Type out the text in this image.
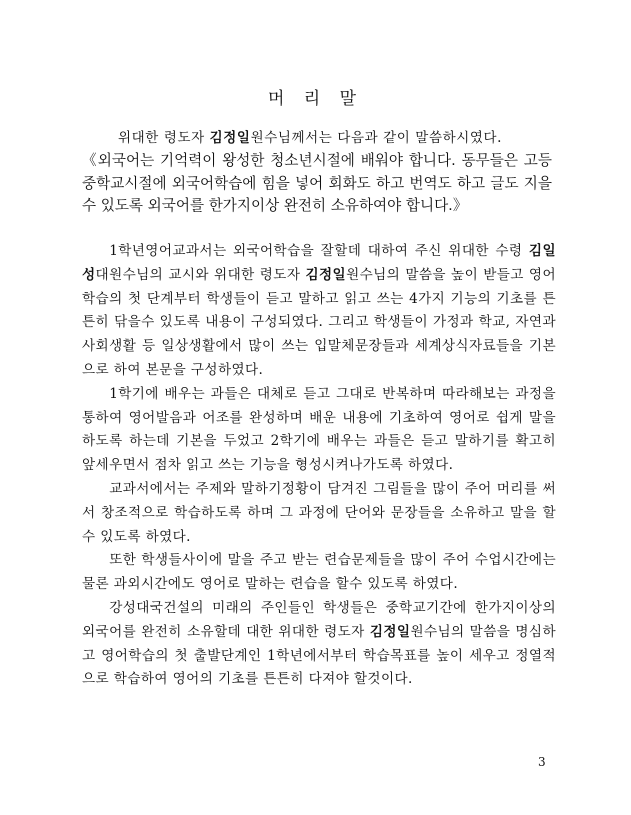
머 리 말
위대한 령도자 김정일원수님께서는 다음과 같이 말씀하시였다.
《외국어는 기억력이 왕성한 청소년시절에 배워야 합니다. 동무들은 고등중학교시절에 외국어학습에 힘을 넣어 회화도 하고 번역도 하고 글도 지을수 있도록 외국어를 한가지이상 완전히 소유하여야 합니다.》

1학년영어교과서는 외국어학습을 잘할데 대하여 주신 위대한 수령 김일성대원수님의 교시와 위대한 령도자 김정일원수님의 말씀을 높이 받들고 영어학습의 첫 단계부터 학생들이 듣고 말하고 읽고 쓰는 4가지 기능의 기초를 튼튼히 닦을수 있도록 내용이 구성되였다. 그리고 학생들이 가정과 학교, 자연과 사회생활 등 일상생활에서 많이 쓰는 입말체문장들과 세계상식자료들을 기본으로 하여 본문을 구성하였다.

1학기에 배우는 과들은 대체로 듣고 그대로 반복하며 따라해보는 과정을 통하여 영어발음과 어조를 완성하며 배운 내용에 기초하여 영어로 쉽게 말을 하도록 하는데 기본을 두었고 2학기에 배우는 과들은 듣고 말하기를 확고히 앞세우면서 점차 읽고 쓰는 기능을 형성시켜나가도록 하였다.

교과서에서는 주제와 말하기정황이 담겨진 그림들을 많이 주어 머리를 써서 창조적으로 학습하도록 하며 그 과정에 단어와 문장들을 소유하고 말을 할수 있도록 하였다.

또한 학생들사이에 말을 주고 받는 련습문제들을 많이 주어 수업시간에는 물론 과외시간에도 영어로 말하는 련습을 할수 있도록 하였다.

강성대국건설의 미래의 주인들인 학생들은 중학교기간에 한가지이상의 외국어를 완전히 소유할데 대한 위대한 령도자 김정일원수님의 말씀을 명심하고 영어학습의 첫 출발단계인 1학년에서부터 학습목표를 높이 세우고 정열적으로 학습하여 영어의 기초를 튼튼히 다져야 할것이다.

3
